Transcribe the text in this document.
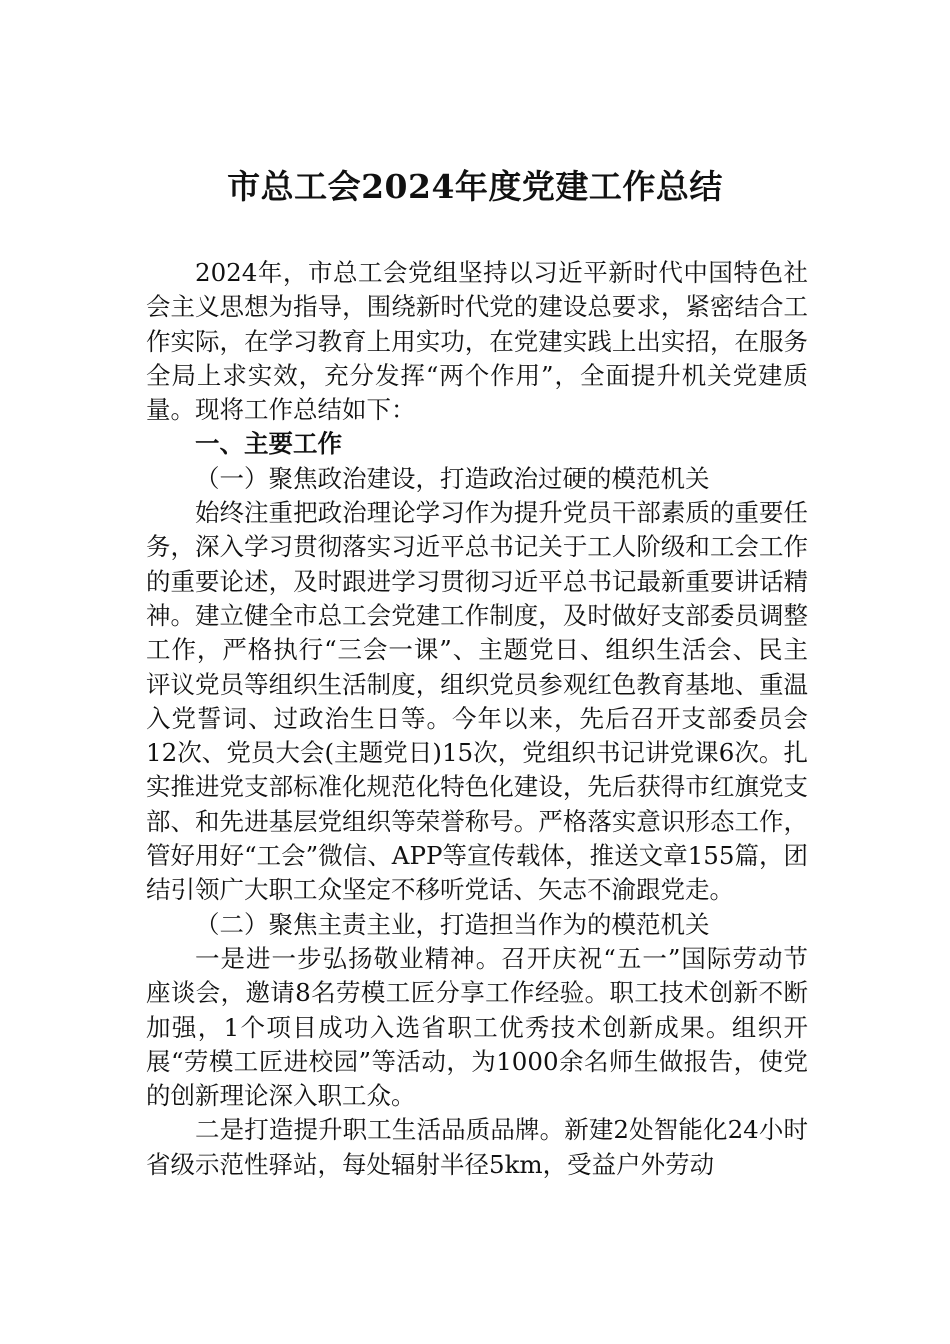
市总工会2024年度党建工作总结

2024年，市总工会党组坚持以习近平新时代中国特色社会主义思想为指导，围绕新时代党的建设总要求，紧密结合工作实际，在学习教育上用实功，在党建实践上出实招，在服务全局上求实效，充分发挥“两个作用”，全面提升机关党建质量。现将工作总结如下：

一、主要工作

（一）聚焦政治建设，打造政治过硬的模范机关

始终注重把政治理论学习作为提升党员干部素质的重要任务，深入学习贯彻落实习近平总书记关于工人阶级和工会工作的重要论述，及时跟进学习贯彻习近平总书记最新重要讲话精神。建立健全市总工会党建工作制度，及时做好支部委员调整工作，严格执行“三会一课”、主题党日、组织生活会、民主评议党员等组织生活制度，组织党员参观红色教育基地、重温入党誓词、过政治生日等。今年以来，先后召开支部委员会12次、党员大会(主题党日)15次，党组织书记讲党课6次。扎实推进党支部标准化规范化特色化建设，先后获得市红旗党支部、和先进基层党组织等荣誉称号。严格落实意识形态工作，管好用好“工会”微信、APP等宣传载体，推送文章155篇，团结引领广大职工众坚定不移听党话、矢志不渝跟党走。

（二）聚焦主责主业，打造担当作为的模范机关

一是进一步弘扬敬业精神。召开庆祝“五一”国际劳动节座谈会，邀请8名劳模工匠分享工作经验。职工技术创新不断加强，1个项目成功入选省职工优秀技术创新成果。组织开展“劳模工匠进校园”等活动，为1000余名师生做报告，使党的创新理论深入职工众。

二是打造提升职工生活品质品牌。新建2处智能化24小时省级示范性驿站，每处辐射半径5km，受益户外劳动
